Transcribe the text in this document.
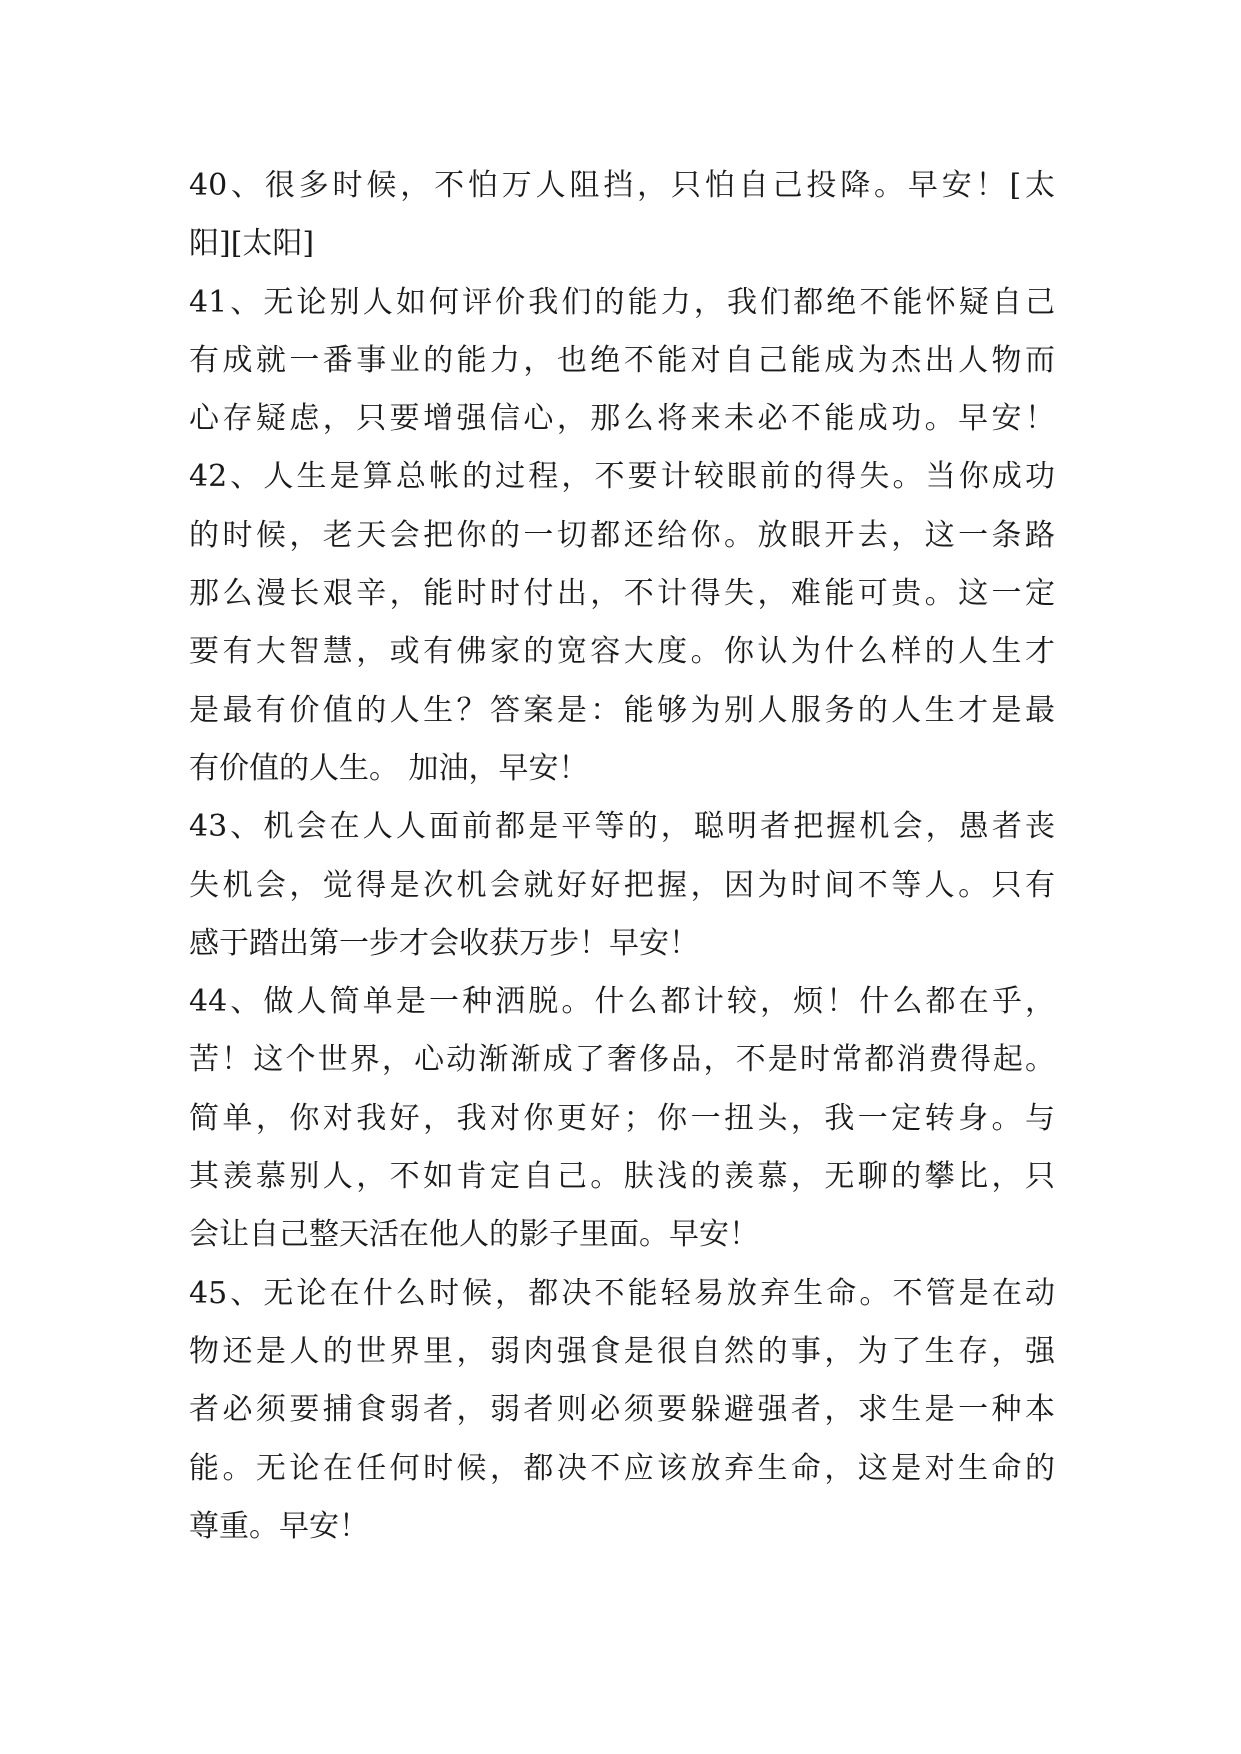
40、很多时候，不怕万人阻挡，只怕自己投降。早安！[太
阳][太阳]
41、无论别人如何评价我们的能力，我们都绝不能怀疑自己
有成就一番事业的能力，也绝不能对自己能成为杰出人物而
心存疑虑，只要增强信心，那么将来未必不能成功。早安！
42、人生是算总帐的过程，不要计较眼前的得失。当你成功
的时候，老天会把你的一切都还给你。放眼开去，这一条路
那么漫长艰辛，能时时付出，不计得失，难能可贵。这一定
要有大智慧，或有佛家的宽容大度。你认为什么样的人生才
是最有价值的人生？答案是：能够为别人服务的人生才是最
有价值的人生。 加油，早安！
43、机会在人人面前都是平等的，聪明者把握机会，愚者丧
失机会，觉得是次机会就好好把握，因为时间不等人。只有
感于踏出第一步才会收获万步！早安！
44、做人简单是一种洒脱。什么都计较，烦！什么都在乎，
苦！这个世界，心动渐渐成了奢侈品，不是时常都消费得起。
简单，你对我好，我对你更好；你一扭头，我一定转身。与
其羡慕别人，不如肯定自己。肤浅的羡慕，无聊的攀比，只
会让自己整天活在他人的影子里面。早安！
45、无论在什么时候，都决不能轻易放弃生命。不管是在动
物还是人的世界里，弱肉强食是很自然的事，为了生存，强
者必须要捕食弱者，弱者则必须要躲避强者，求生是一种本
能。无论在任何时候，都决不应该放弃生命，这是对生命的
尊重。早安！
